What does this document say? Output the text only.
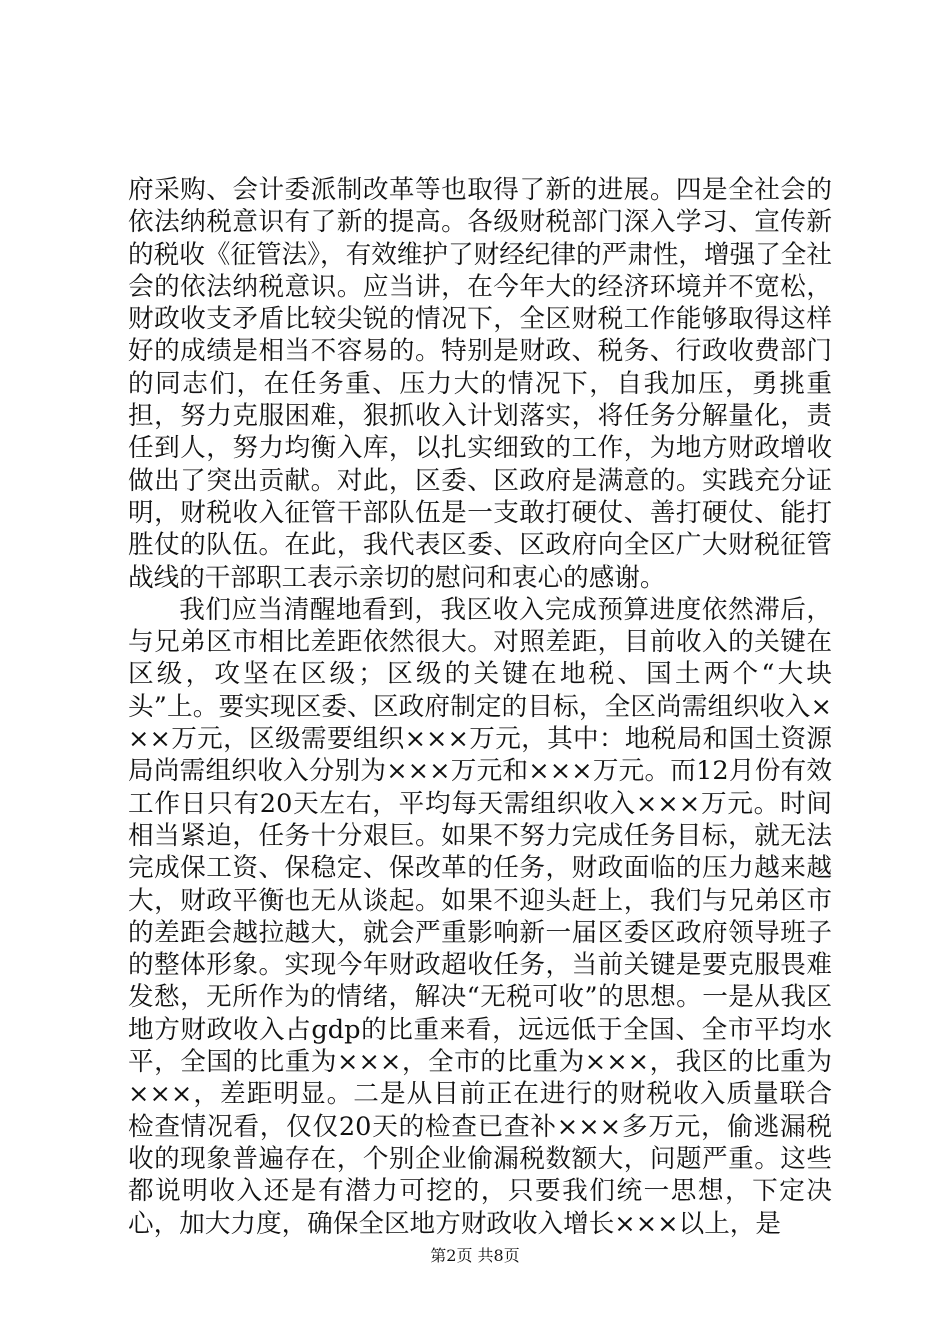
府采购、会计委派制改革等也取得了新的进展。四是全社会的依法纳税意识有了新的提高。各级财税部门深入学习、宣传新的税收《征管法》，有效维护了财经纪律的严肃性，增强了全社会的依法纳税意识。应当讲，在今年大的经济环境并不宽松，财政收支矛盾比较尖锐的情况下，全区财税工作能够取得这样好的成绩是相当不容易的。特别是财政、税务、行政收费部门的同志们，在任务重、压力大的情况下，自我加压，勇挑重担，努力克服困难，狠抓收入计划落实，将任务分解量化，责任到人，努力均衡入库，以扎实细致的工作，为地方财政增收做出了突出贡献。对此，区委、区政府是满意的。实践充分证明，财税收入征管干部队伍是一支敢打硬仗、善打硬仗、能打胜仗的队伍。在此，我代表区委、区政府向全区广大财税征管战线的干部职工表示亲切的慰问和衷心的感谢。

我们应当清醒地看到，我区收入完成预算进度依然滞后，与兄弟区市相比差距依然很大。对照差距，目前收入的关键在区级，攻坚在区级；区级的关键在地税、国土两个“大块头”上。要实现区委、区政府制定的目标，全区尚需组织收入×××万元，区级需要组织×××万元，其中：地税局和国土资源局尚需组织收入分别为×××万元和×××万元。而12月份有效工作日只有20天左右，平均每天需组织收入×××万元。时间相当紧迫，任务十分艰巨。如果不努力完成任务目标，就无法完成保工资、保稳定、保改革的任务，财政面临的压力越来越大，财政平衡也无从谈起。如果不迎头赶上，我们与兄弟区市的差距会越拉越大，就会严重影响新一届区委区政府领导班子的整体形象。实现今年财政超收任务，当前关键是要克服畏难发愁，无所作为的情绪，解决“无税可收”的思想。一是从我区地方财政收入占gdp的比重来看，远远低于全国、全市平均水平，全国的比重为×××，全市的比重为×××，我区的比重为×××，差距明显。二是从目前正在进行的财税收入质量联合检查情况看，仅仅20天的检查已查补×××多万元，偷逃漏税收的现象普遍存在，个别企业偷漏税数额大，问题严重。这些都说明收入还是有潜力可挖的，只要我们统一思想，下定决心，加大力度，确保全区地方财政收入增长×××以上，是

第2页 共8页
